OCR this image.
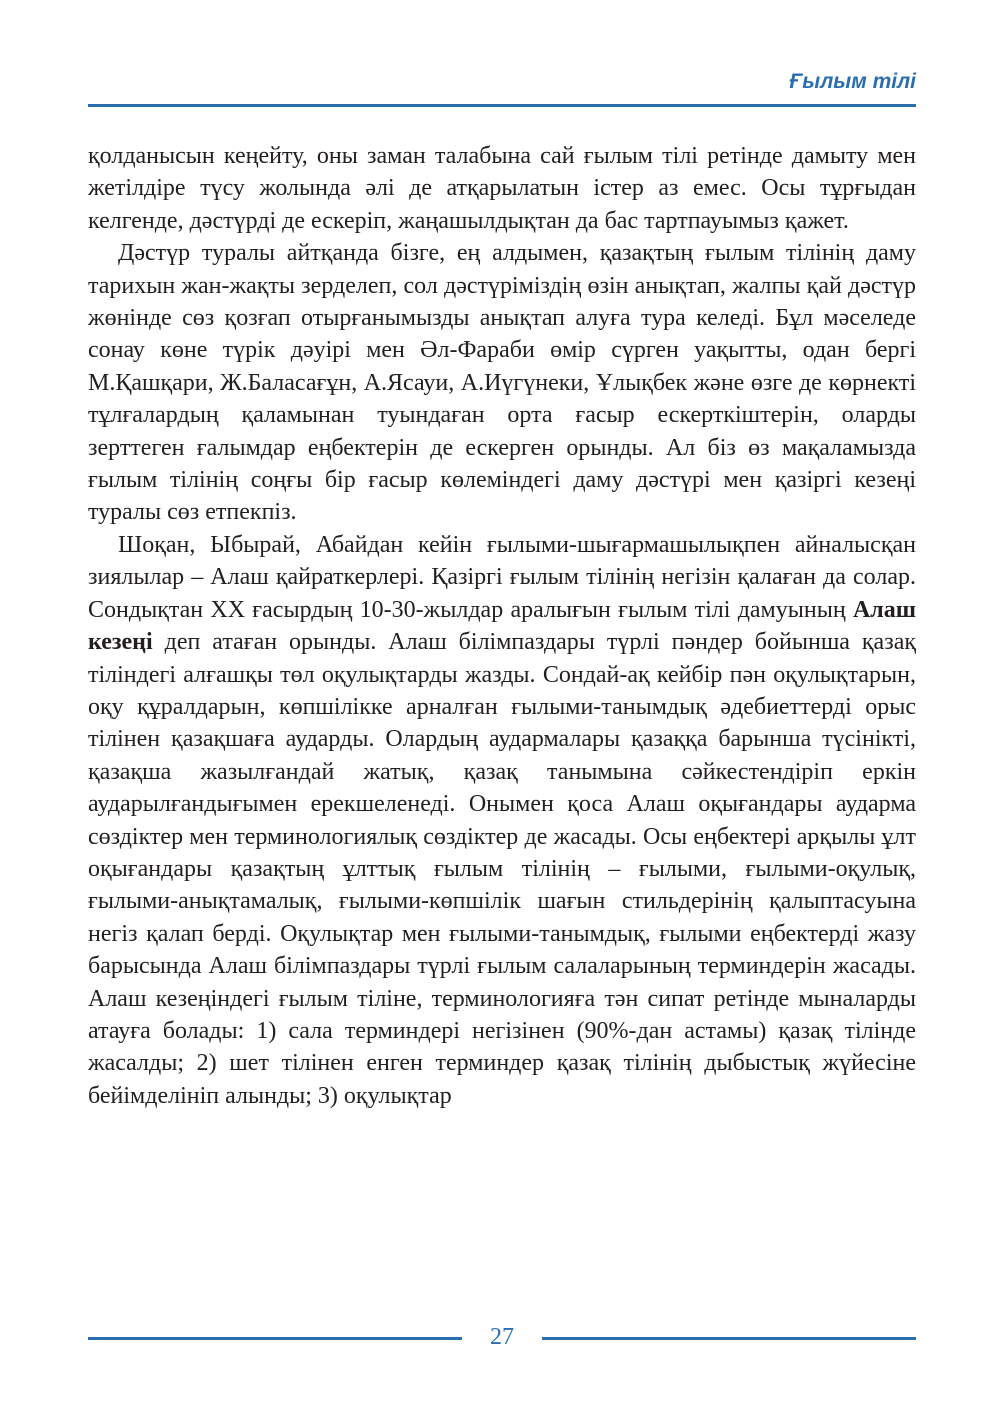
Ғылым тілі

қолданысын кеңейту, оны заман талабына сай ғылым тілі ретінде дамыту мен жетілдіре түсу жолында әлі де атқарылатын істер аз емес. Осы тұрғыдан келгенде, дәстүрді де ескеріп, жаңашылдықтан да бас тартпауымыз қажет.

Дәстүр туралы айтқанда бізге, ең алдымен, қазақтың ғылым тілінің даму тарихын жан-жақты зерделеп, сол дәстүріміздің өзін анықтап, жалпы қай дәстүр жөнінде сөз қозғап отырғанымызды анықтап алуға тура келеді. Бұл мәселеде сонау көне түрік дәуірі мен Әл-Фараби өмір сүрген уақытты, одан бергі М.Қашқари, Ж.Баласағұн, А.Ясауи, А.Иүгүнеки, Ұлықбек және өзге де көрнекті тұлғалардың қаламынан туындаған орта ғасыр ескерткіштерін, оларды зерттеген ғалымдар еңбектерін де ескерген орынды. Ал біз өз мақаламызда ғылым тілінің соңғы бір ғасыр көлеміндегі даму дәстүрі мен қазіргі кезеңі туралы сөз етпекпіз.

Шоқан, Ыбырай, Абайдан кейін ғылыми-шығармашылықпен айналысқан зиялылар – Алаш қайраткерлері. Қазіргі ғылым тілінің негізін қалаған да солар. Сондықтан ХХ ғасырдың 10-30-жылдар аралығын ғылым тілі дамуының Алаш кезеңі деп атаған орынды. Алаш білімпаздары түрлі пәндер бойынша қазақ тіліндегі алғашқы төл оқулықтарды жазды. Сондай-ақ кейбір пән оқулықтарын, оқу құралдарын, көпшілікке арналған ғылыми-танымдық әдебиеттерді орыс тілінен қазақшаға аударды. Олардың аудармалары қазаққа барынша түсінікті, қазақша жазылғандай жатық, қазақ танымына сәйкестендіріп еркін аударылғандығымен ерекшеленеді. Онымен қоса Алаш оқығандары аударма сөздіктер мен терминологиялық сөздіктер де жасады. Осы еңбектері арқылы ұлт оқығандары қазақтың ұлттық ғылым тілінің – ғылыми, ғылыми-оқулық, ғылыми-анықтамалық, ғылыми-көпшілік шағын стильдерінің қалыптасуына негіз қалап берді. Оқулықтар мен ғылыми-танымдық, ғылыми еңбектерді жазу барысында Алаш білімпаздары түрлі ғылым салаларының терминдерін жасады. Алаш кезеңіндегі ғылым тіліне, терминологияға тән сипат ретінде мыналарды атауға болады: 1) сала терминдері негізінен (90%-дан астамы) қазақ тілінде жасалды; 2) шет тілінен енген терминдер қазақ тілінің дыбыстық жүйесіне бейімделініп алынды; 3) оқулықтар

27
